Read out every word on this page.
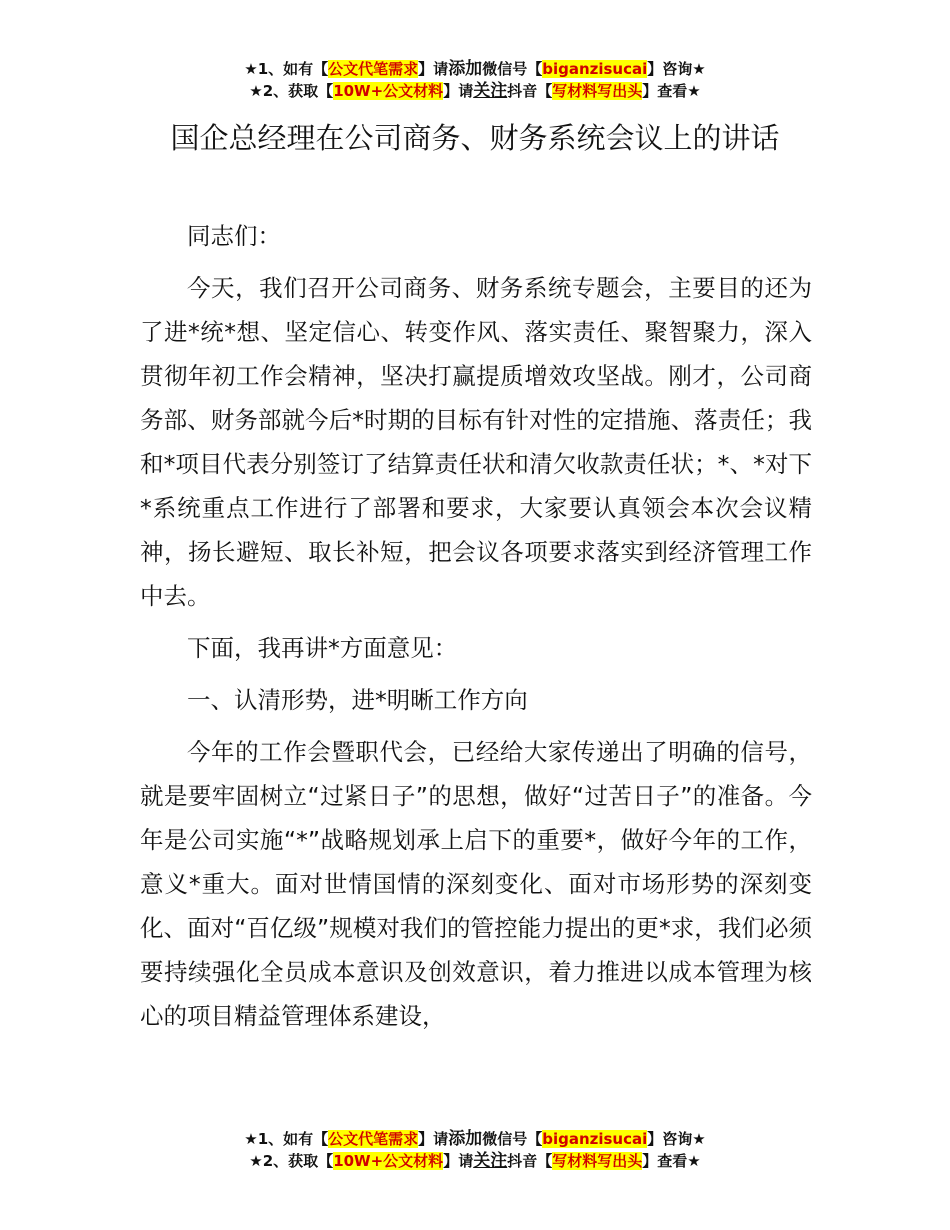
★1、如有【公文代笔需求】请添加微信号【biganzisucai】咨询★
★2、获取【10W+公文材料】请关注抖音【写材料写出头】查看★
国企总经理在公司商务、财务系统会议上的讲话

同志们：

今天，我们召开公司商务、财务系统专题会，主要目的还为了进*统*想、坚定信心、转变作风、落实责任、聚智聚力，深入贯彻年初工作会精神，坚决打赢提质增效攻坚战。刚才，公司商务部、财务部就今后*时期的目标有针对性的定措施、落责任；我和*项目代表分别签订了结算责任状和清欠收款责任状；*、*对下*系统重点工作进行了部署和要求，大家要认真领会本次会议精神，扬长避短、取长补短，把会议各项要求落实到经济管理工作中去。

下面，我再讲*方面意见：

一、认清形势，进*明晰工作方向

今年的工作会暨职代会，已经给大家传递出了明确的信号，就是要牢固树立“过紧日子”的思想，做好“过苦日子”的准备。今年是公司实施“*”战略规划承上启下的重要*，做好今年的工作，意义*重大。面对世情国情的深刻变化、面对市场形势的深刻变化、面对“百亿级”规模对我们的管控能力提出的更*求，我们必须要持续强化全员成本意识及创效意识，着力推进以成本管理为核心的项目精益管理体系建设，

★1、如有【公文代笔需求】请添加微信号【biganzisucai】咨询★
★2、获取【10W+公文材料】请关注抖音【写材料写出头】查看★
